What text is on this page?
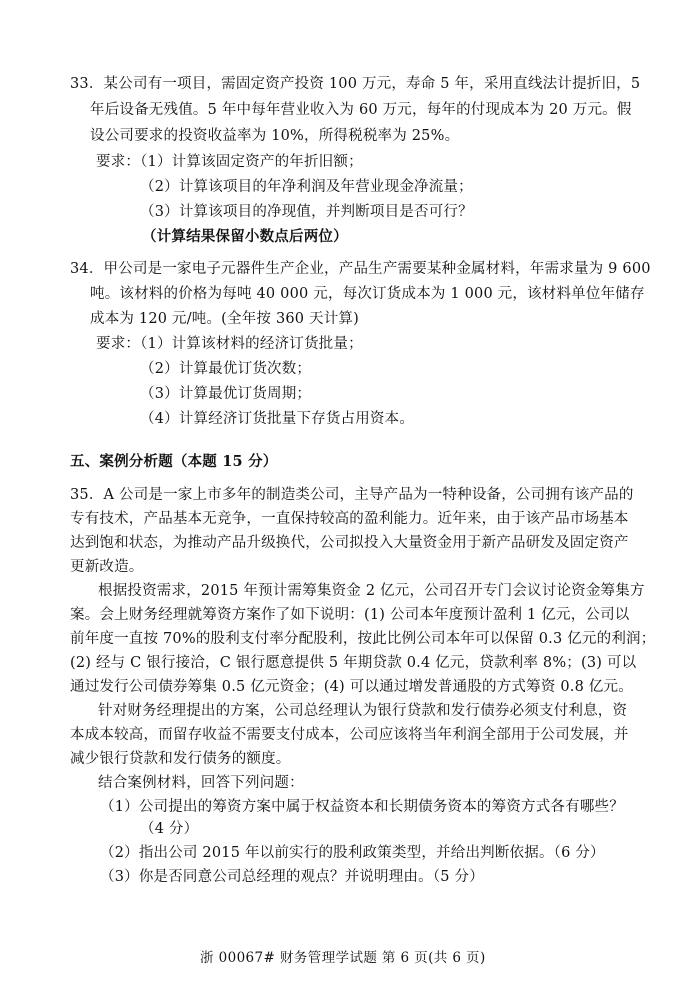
33．某公司有一项目，需固定资产投资 100 万元，寿命 5 年，采用直线法计提折旧，5
年后设备无残值。5 年中每年营业收入为 60 万元，每年的付现成本为 20 万元。假
设公司要求的投资收益率为 10%，所得税税率为 25%。
要求：（1）计算该固定资产的年折旧额；
（2）计算该项目的年净利润及年营业现金净流量；
（3）计算该项目的净现值，并判断项目是否可行？
（计算结果保留小数点后两位）
34．甲公司是一家电子元器件生产企业，产品生产需要某种金属材料，年需求量为 9 600
吨。该材料的价格为每吨 40 000 元，每次订货成本为 1 000 元，该材料单位年储存
成本为 120 元/吨。(全年按 360 天计算)
要求：（1）计算该材料的经济订货批量；
（2）计算最优订货次数；
（3）计算最优订货周期；
（4）计算经济订货批量下存货占用资本。
五、案例分析题（本题 15 分）
35．A 公司是一家上市多年的制造类公司，主导产品为一特种设备，公司拥有该产品的
专有技术，产品基本无竞争，一直保持较高的盈利能力。近年来，由于该产品市场基本
达到饱和状态，为推动产品升级换代，公司拟投入大量资金用于新产品研发及固定资产
更新改造。
根据投资需求，2015 年预计需筹集资金 2 亿元，公司召开专门会议讨论资金筹集方
案。会上财务经理就筹资方案作了如下说明：(1) 公司本年度预计盈利 1 亿元，公司以
前年度一直按 70%的股利支付率分配股利，按此比例公司本年可以保留 0.3 亿元的利润；
(2) 经与 C 银行接洽，C 银行愿意提供 5 年期贷款 0.4 亿元，贷款利率 8%；(3) 可以
通过发行公司债券筹集 0.5 亿元资金；(4) 可以通过增发普通股的方式筹资 0.8 亿元。
针对财务经理提出的方案，公司总经理认为银行贷款和发行债券必须支付利息，资
本成本较高，而留存收益不需要支付成本，公司应该将当年利润全部用于公司发展，并
减少银行贷款和发行债务的额度。
结合案例材料，回答下列问题：
（1）公司提出的筹资方案中属于权益资本和长期债务资本的筹资方式各有哪些？
（4 分）
（2）指出公司 2015 年以前实行的股利政策类型，并给出判断依据。（6 分）
（3）你是否同意公司总经理的观点？并说明理由。（5 分）
浙 00067# 财务管理学试题 第 6 页(共 6 页)
